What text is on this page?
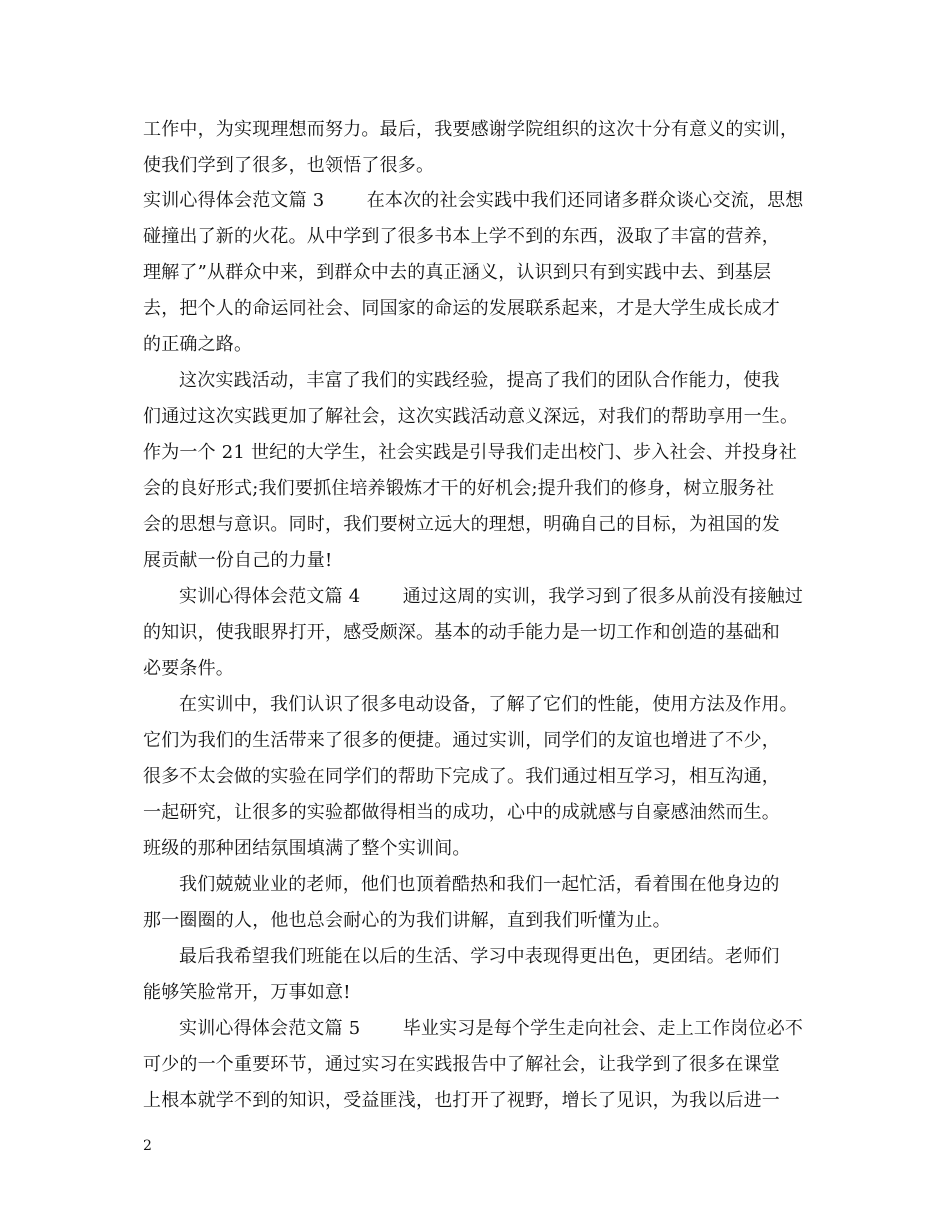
工作中，为实现理想而努力。最后，我要感谢学院组织的这次十分有意义的实训，
使我们学到了很多，也领悟了很多。
实训心得体会范文篇 3　　 在本次的社会实践中我们还同诸多群众谈心交流，思想
碰撞出了新的火花。从中学到了很多书本上学不到的东西，汲取了丰富的营养，
理解了”从群众中来，到群众中去的真正涵义，认识到只有到实践中去、到基层
去，把个人的命运同社会、同国家的命运的发展联系起来，才是大学生成长成才
的正确之路。
这次实践活动，丰富了我们的实践经验，提高了我们的团队合作能力，使我
们通过这次实践更加了解社会，这次实践活动意义深远，对我们的帮助享用一生。
作为一个 21 世纪的大学生，社会实践是引导我们走出校门、步入社会、并投身社
会的良好形式;我们要抓住培养锻炼才干的好机会;提升我们的修身，树立服务社
会的思想与意识。同时，我们要树立远大的理想，明确自己的目标，为祖国的发
展贡献一份自己的力量!
实训心得体会范文篇 4　　 通过这周的实训，我学习到了很多从前没有接触过
的知识，使我眼界打开，感受颇深。基本的动手能力是一切工作和创造的基础和
必要条件。
在实训中，我们认识了很多电动设备，了解了它们的性能，使用方法及作用。
它们为我们的生活带来了很多的便捷。通过实训，同学们的友谊也增进了不少，
很多不太会做的实验在同学们的帮助下完成了。我们通过相互学习，相互沟通，
一起研究，让很多的实验都做得相当的成功，心中的成就感与自豪感油然而生。
班级的那种团结氛围填满了整个实训间。
我们兢兢业业的老师，他们也顶着酷热和我们一起忙活，看着围在他身边的
那一圈圈的人，他也总会耐心的为我们讲解，直到我们听懂为止。
最后我希望我们班能在以后的生活、学习中表现得更出色，更团结。老师们
能够笑脸常开，万事如意!
实训心得体会范文篇 5　　 毕业实习是每个学生走向社会、走上工作岗位必不
可少的一个重要环节，通过实习在实践报告中了解社会，让我学到了很多在课堂
上根本就学不到的知识，受益匪浅，也打开了视野，增长了见识，为我以后进一
2
